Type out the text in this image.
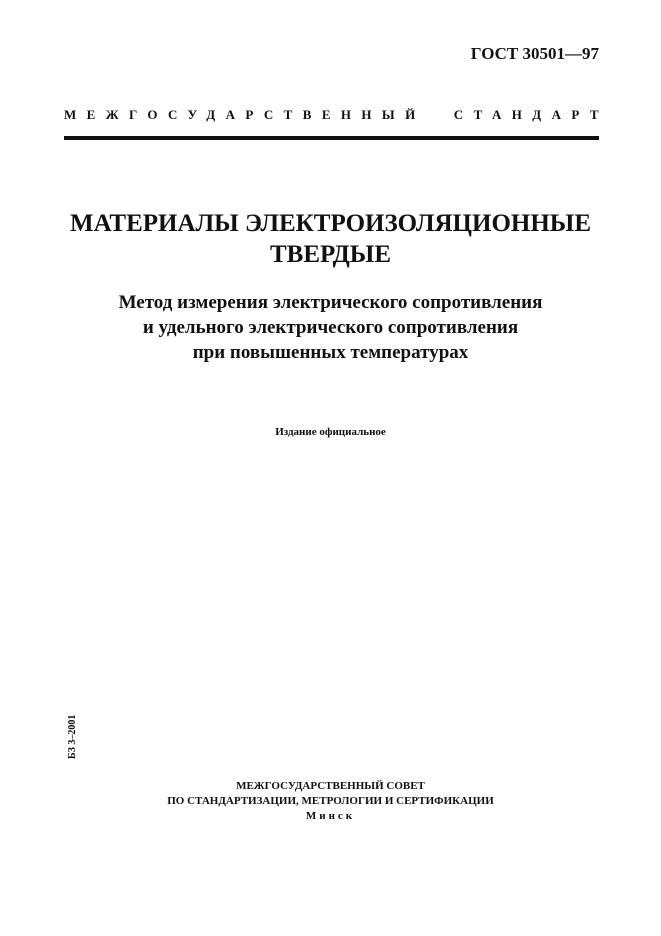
ГОСТ 30501—97
МЕЖГОСУДАРСТВЕННЫЙ СТАНДАРТ
МАТЕРИАЛЫ ЭЛЕКТРОИЗОЛЯЦИОННЫЕ
ТВЕРДЫЕ
Метод измерения электрического сопротивления
и удельного электрического сопротивления
при повышенных температурах
Издание официальное
БЗ 3–2001
МЕЖГОСУДАРСТВЕННЫЙ СОВЕТ
ПО СТАНДАРТИЗАЦИИ, МЕТРОЛОГИИ И СЕРТИФИКАЦИИ
Минск
